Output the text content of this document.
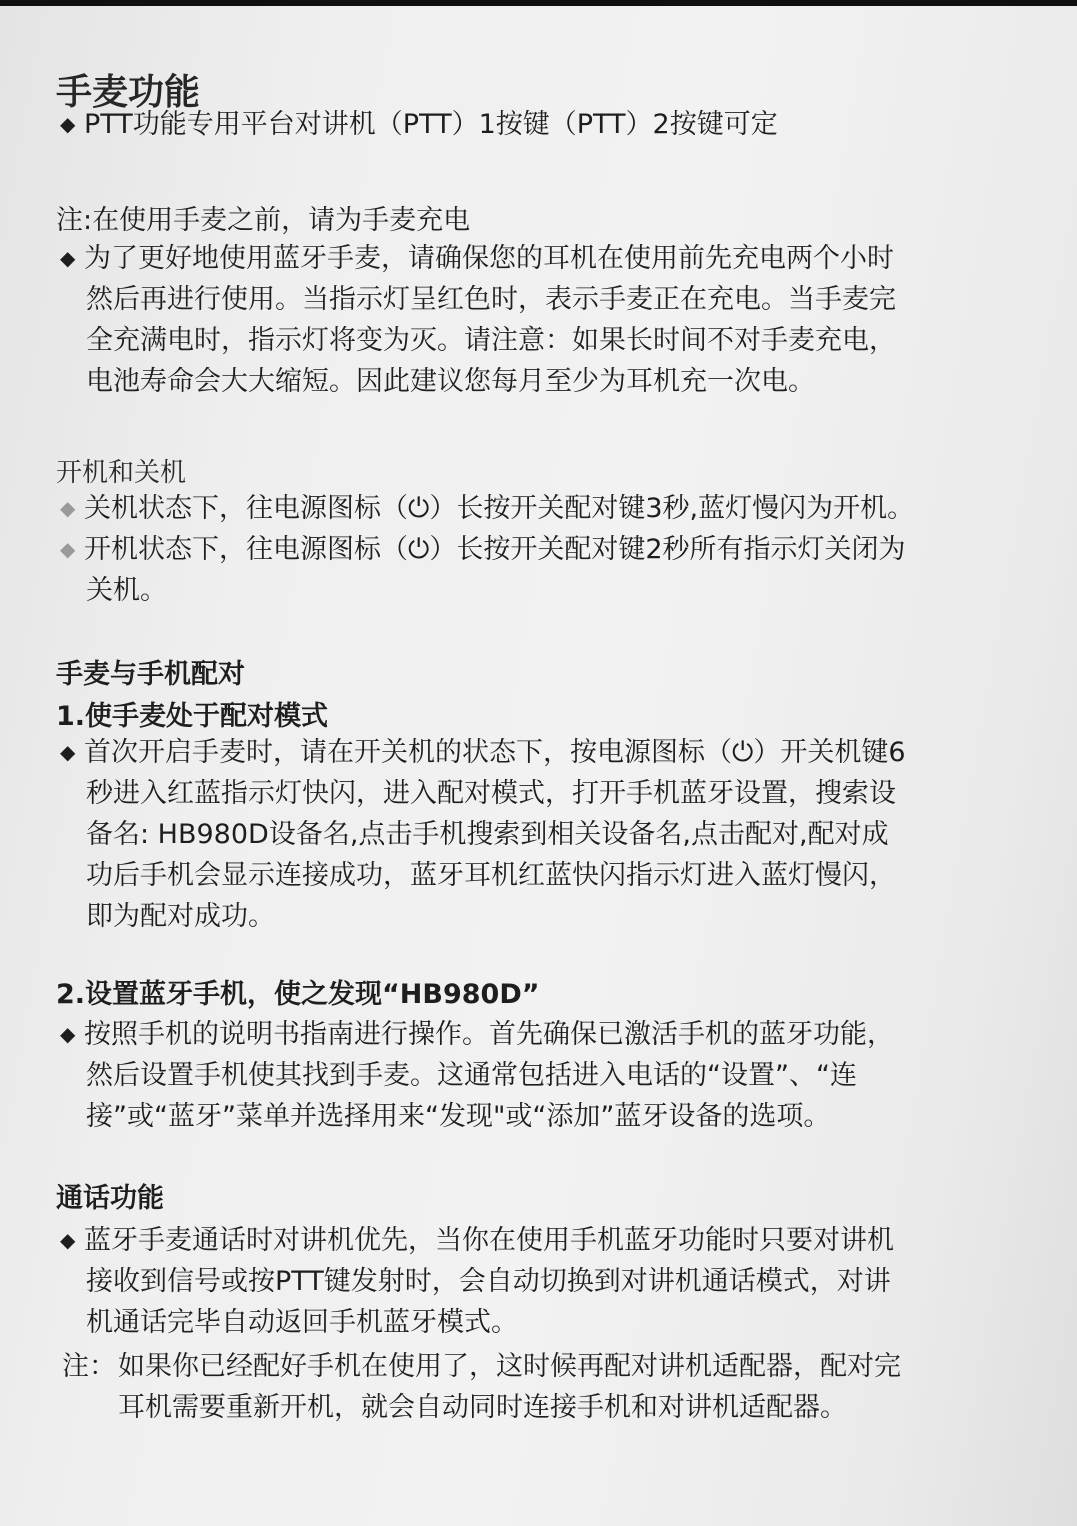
手麦功能

◆ PTT功能专用平台对讲机（PTT）1按键（PTT）2按键可定

注:在使用手麦之前，请为手麦充电

◆ 为了更好地使用蓝牙手麦，请确保您的耳机在使用前先充电两个小时
然后再进行使用。当指示灯呈红色时，表示手麦正在充电。当手麦完
全充满电时，指示灯将变为灭。请注意：如果长时间不对手麦充电，
电池寿命会大大缩短。因此建议您每月至少为耳机充一次电。

开机和关机

◆ 关机状态下，往电源图标（⏻）长按开关配对键3秒,蓝灯慢闪为开机。
◆ 开机状态下，往电源图标（⏻）长按开关配对键2秒所有指示灯关闭为
关机。

手麦与手机配对
1.使手麦处于配对模式

◆ 首次开启手麦时，请在开关机的状态下，按电源图标（⏻）开关机键6
秒进入红蓝指示灯快闪，进入配对模式，打开手机蓝牙设置，搜索设
备名: HB980D设备名,点击手机搜索到相关设备名,点击配对,配对成
功后手机会显示连接成功，蓝牙耳机红蓝快闪指示灯进入蓝灯慢闪，
即为配对成功。

2.设置蓝牙手机，使之发现“HB980D”

◆ 按照手机的说明书指南进行操作。首先确保已激活手机的蓝牙功能，
然后设置手机使其找到手麦。这通常包括进入电话的“设置”、“连
接”或“蓝牙”菜单并选择用来“发现"或“添加”蓝牙设备的选项。

通话功能

◆ 蓝牙手麦通话时对讲机优先，当你在使用手机蓝牙功能时只要对讲机
接收到信号或按PTT键发射时，会自动切换到对讲机通话模式，对讲
机通话完毕自动返回手机蓝牙模式。

注：如果你已经配好手机在使用了，这时候再配对讲机适配器，配对完
耳机需要重新开机，就会自动同时连接手机和对讲机适配器。
